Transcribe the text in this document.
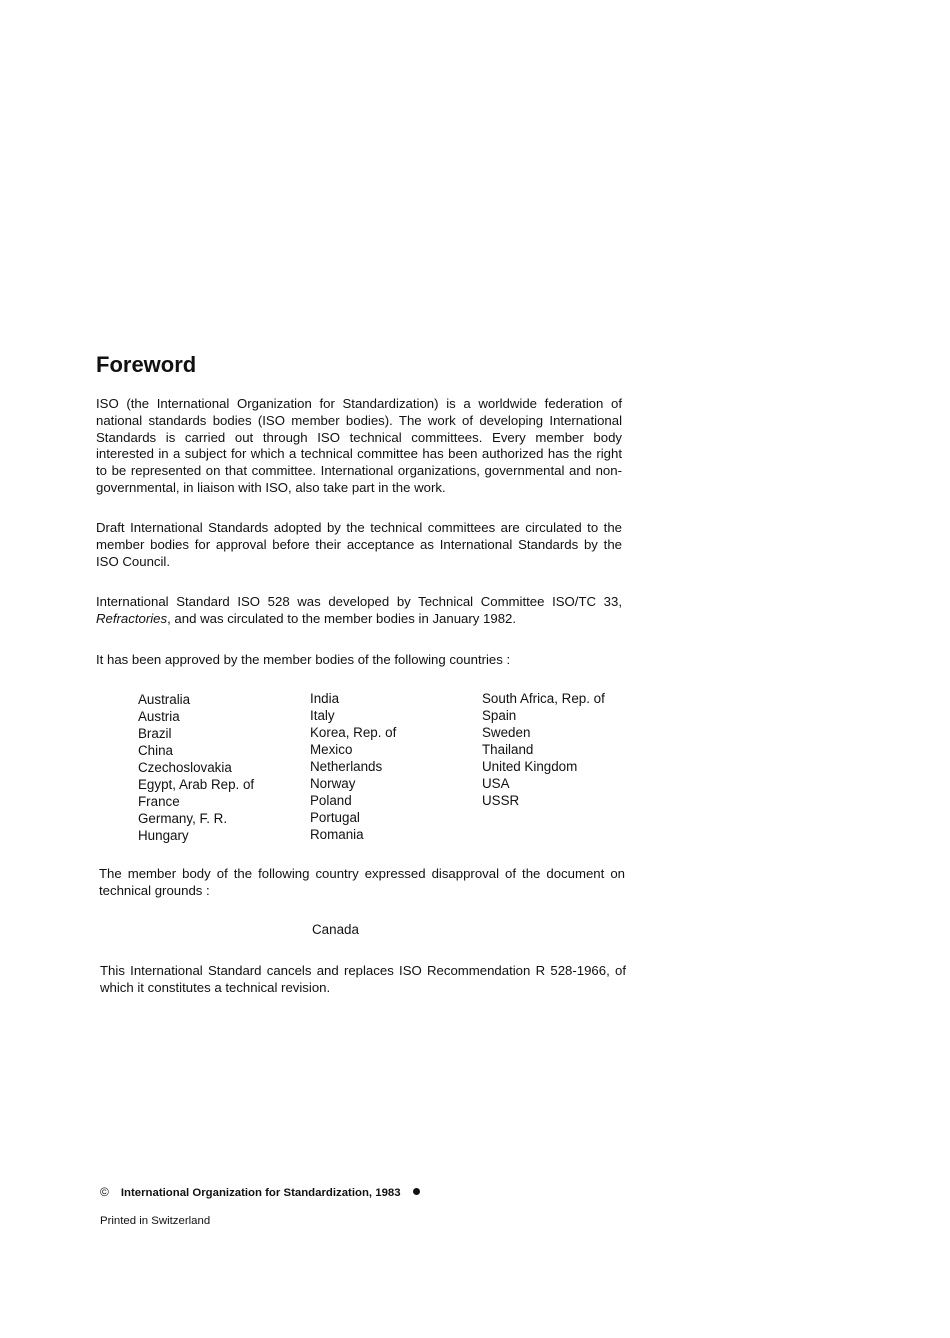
Foreword

ISO (the International Organization for Standardization) is a worldwide federation of national standards bodies (ISO member bodies). The work of developing International Standards is carried out through ISO technical committees. Every member body interested in a subject for which a technical committee has been authorized has the right to be represented on that committee. International organizations, governmental and non-governmental, in liaison with ISO, also take part in the work.

Draft International Standards adopted by the technical committees are circulated to the member bodies for approval before their acceptance as International Standards by the ISO Council.

International Standard ISO 528 was developed by Technical Committee ISO/TC 33, Refractories, and was circulated to the member bodies in January 1982.

It has been approved by the member bodies of the following countries :

Australia
Austria
Brazil
China
Czechoslovakia
Egypt, Arab Rep. of
France
Germany, F. R.
Hungary
India
Italy
Korea, Rep. of
Mexico
Netherlands
Norway
Poland
Portugal
Romania
South Africa, Rep. of
Spain
Sweden
Thailand
United Kingdom
USA
USSR

The member body of the following country expressed disapproval of the document on technical grounds :

Canada

This International Standard cancels and replaces ISO Recommendation R 528-1966, of which it constitutes a technical revision.

© International Organization for Standardization, 1983
Printed in Switzerland
